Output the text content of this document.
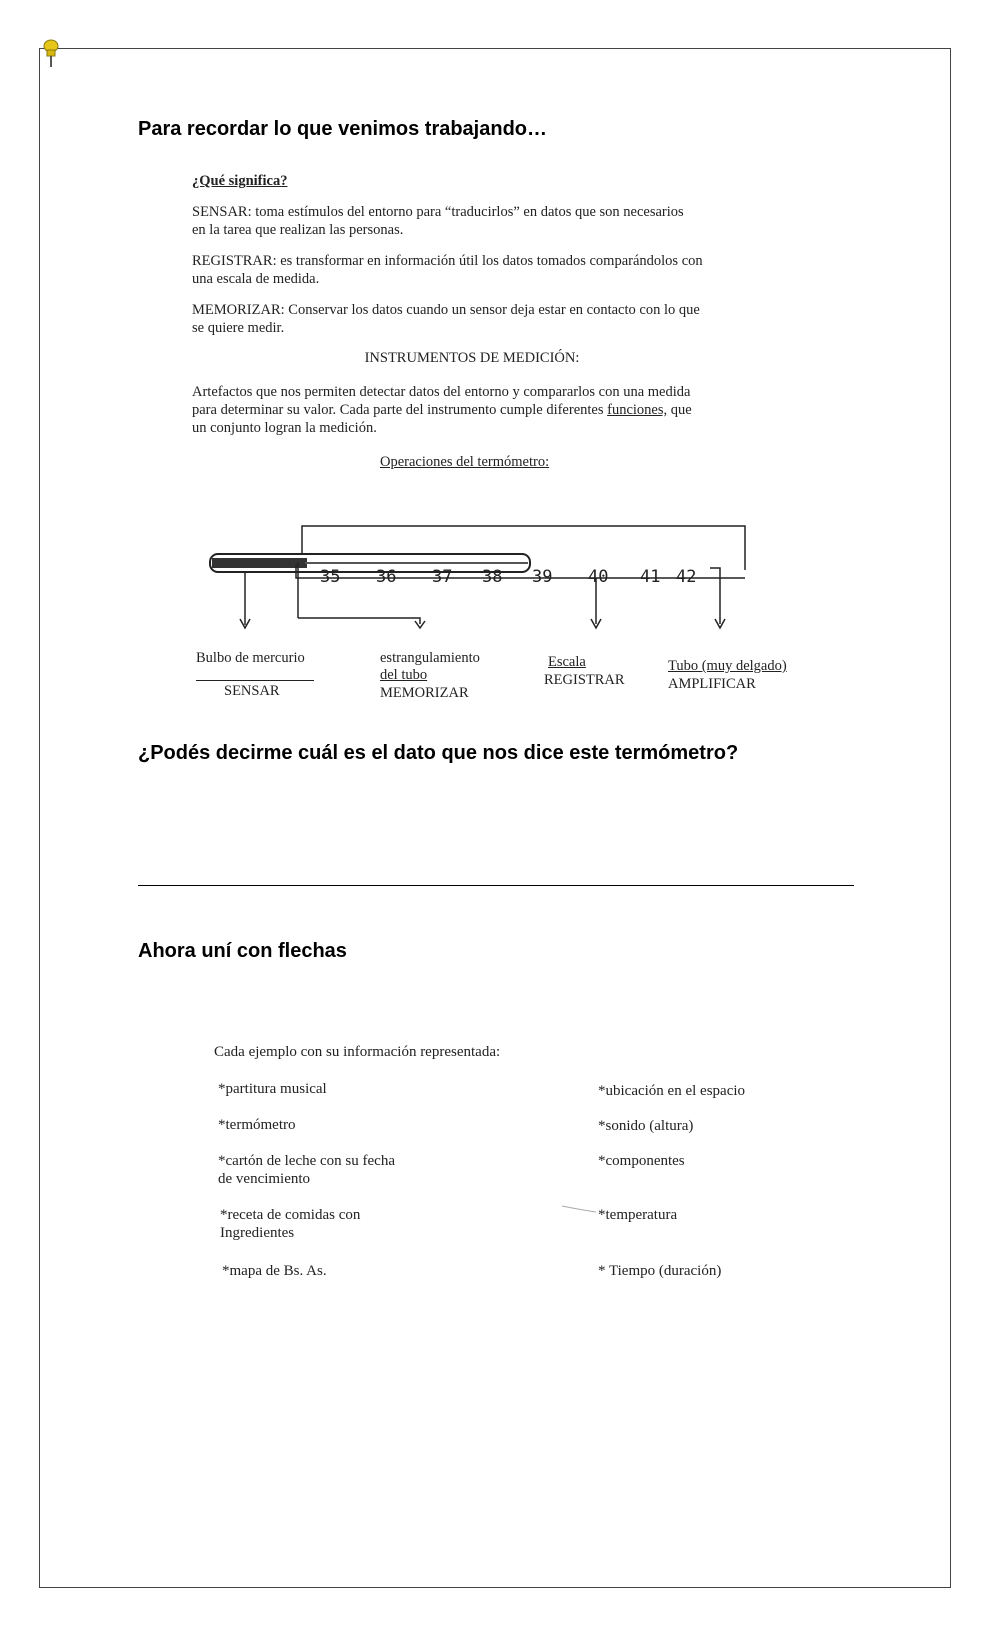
Para recordar lo que venimos trabajando…

¿Qué significa?

SENSAR: toma estímulos del entorno para “traducirlos” en datos que son necesarios

en la tarea que realizan las personas.

REGISTRAR: es transformar en información útil los datos tomados comparándolos con

una escala de medida.

MEMORIZAR: Conservar los datos cuando un sensor deja estar en contacto con lo que

se quiere medir.

INSTRUMENTOS DE MEDICIÓN:

Artefactos que nos permiten detectar datos del entorno y compararlos con una medida

para determinar su valor. Cada parte del instrumento cumple diferentes funciones, que

un conjunto logran la medición.

Operaciones del termómetro:

35 36 37 38 39 40 41 42
Bulbo de mercurio
SENSAR
estrangulamiento
del tubo
MEMORIZAR
Escala
REGISTRAR
Tubo (muy delgado)
AMPLIFICAR
¿Podés decirme cuál es el dato que nos dice este termómetro?
Ahora uní con flechas
Cada ejemplo con su información representada:
*partitura musical
*termómetro
*cartón de leche con su fecha
de vencimiento
*receta de comidas con
Ingredientes
*mapa de Bs. As.
*ubicación en el espacio
*sonido (altura)
*componentes
*temperatura
* Tiempo (duración)
